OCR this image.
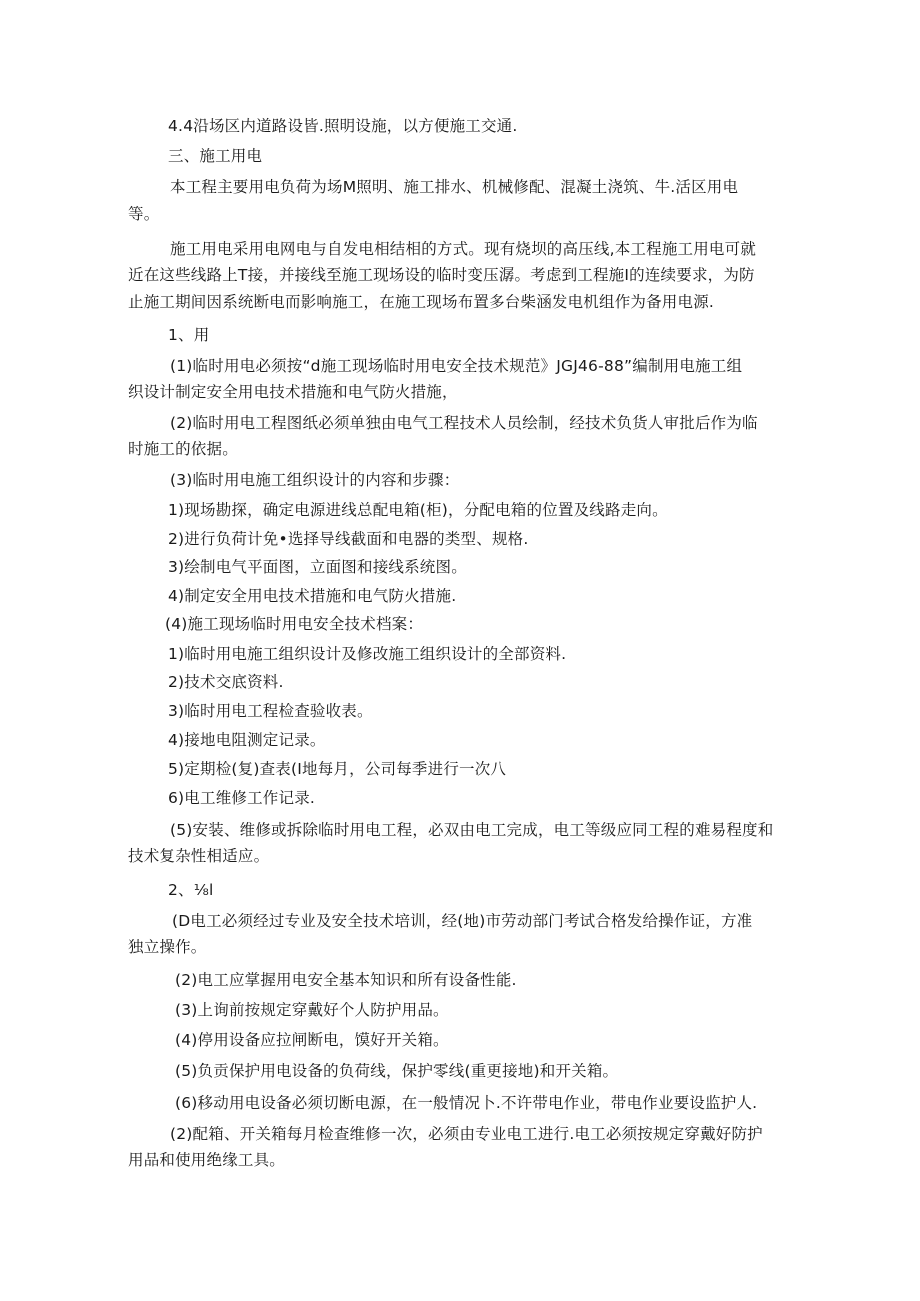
4.4沿场区内道路设皆.照明设施，以方便施工交通.
三、施工用电
本工程主要用电负荷为场M照明、施工排水、机械修配、混凝土浇筑、牛.活区用电
等。
施工用电采用电网电与自发电相结相的方式。现有烧坝的高压线,本工程施工用电可就
近在这些线路上T接，并接线至施工现场设的临时变压潺。考虑到工程施I的连续要求，为防
止施工期间因系统断电而影响施工，在施工现场布置多台柴涵发电机组作为备用电源.
1、用
(1)临时用电必须按“d施工现场临时用电安全技术规范》JGJ46-88”编制用电施工组
织设计制定安全用电技术措施和电气防火措施，
(2)临时用电工程图纸必须单独由电气工程技术人员绘制，经技术负货人审批后作为临
时施工的依据。
(3)临时用电施工组织设计的内容和步骤：
1)现场勘探，确定电源进线总配电箱(柜)，分配电箱的位置及线路走向。
2)进行负荷计免•选择导线截面和电器的类型、规格.
3)绘制电气平面图，立面图和接线系统图。
4)制定安全用电技术措施和电气防火措施.
(4)施工现场临时用电安全技术档案：
1)临时用电施工组织设计及修改施工组织设计的全部资料.
2)技术交底资料.
3)临时用电工程检查验收表。
4)接地电阻测定记录。
5)定期检(复)查表(I地每月，公司每季进行一次八
6)电工维修工作记录.
(5)安装、维修或拆除临时用电工程，必双由电工完成，电工等级应同工程的难易程度和
技术复杂性相适应。
2、⅛l
(D电工必须经过专业及安全技术培训，经(地)市劳动部门考试合格发给操作证，方准
独立操作。
(2)电工应掌握用电安全基本知识和所有设备性能.
(3)上询前按规定穿戴好个人防护用品。
(4)停用设备应拉闸断电，馍好开关箱。
(5)负贡保护用电设备的负荷线，保护零线(重更接地)和开关箱。
(6)移动用电设备必须切断电源，在一般情况卜.不许带电作业，带电作业要设监护人.
(2)配箱、开关箱每月检查维修一次，必须由专业电工进行.电工必须按规定穿戴好防护
用品和使用绝缘工具。
